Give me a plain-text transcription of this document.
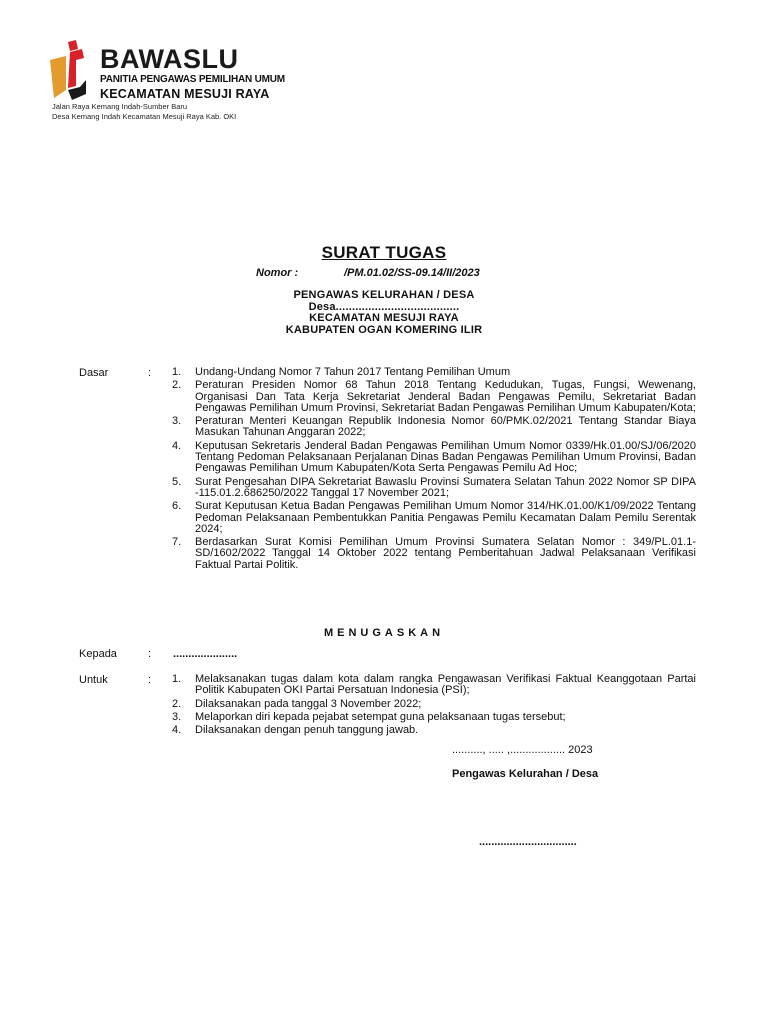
BAWASLU
PANITIA PENGAWAS PEMILIHAN UMUM
KECAMATAN MESUJI RAYA
Jalan Raya Kemang Indah-Sumber Baru
Desa Kemang Indah Kecamatan Mesuji Raya Kab. OKI
SURAT TUGAS
Nomor :	/PM.01.02/SS-09.14/II/2023
PENGAWAS KELURAHAN / DESA
Desa......................................
KECAMATAN MESUJI RAYA
KABUPATEN OGAN KOMERING ILIR
Dasar	: 1. Undang-Undang Nomor 7 Tahun 2017 Tentang Pemilihan Umum
2. Peraturan Presiden Nomor 68 Tahun 2018 Tentang Kedudukan, Tugas, Fungsi, Wewenang, Organisasi Dan Tata Kerja Sekretariat Jenderal Badan Pengawas Pemilu, Sekretariat Badan Pengawas Pemilihan Umum Provinsi, Sekretariat Badan Pengawas Pemilihan Umum Kabupaten/Kota;
3. Peraturan Menteri Keuangan Republik Indonesia Nomor 60/PMK.02/2021 Tentang Standar Biaya Masukan Tahunan Anggaran 2022;
4. Keputusan Sekretaris Jenderal Badan Pengawas Pemilihan Umum Nomor 0339/Hk.01.00/SJ/06/2020 Tentang Pedoman Pelaksanaan Perjalanan Dinas Badan Pengawas Pemilihan Umum Provinsi, Badan Pengawas Pemilihan Umum Kabupaten/Kota Serta Pengawas Pemilu Ad Hoc;
5. Surat Pengesahan DIPA Sekretariat Bawaslu Provinsi Sumatera Selatan Tahun 2022 Nomor SP DIPA -115.01.2.686250/2022 Tanggal 17 November 2021;
6. Surat Keputusan Ketua Badan Pengawas Pemilihan Umum Nomor 314/HK.01.00/K1/09/2022 Tentang Pedoman Pelaksanaan Pembentukkan Panitia Pengawas Pemilu Kecamatan Dalam Pemilu Serentak 2024;
7. Berdasarkan Surat Komisi Pemilihan Umum Provinsi Sumatera Selatan Nomor : 349/PL.01.1-SD/1602/2022 Tanggal 14 Oktober 2022 tentang Pemberitahuan Jadwal Pelaksanaan Verifikasi Faktual Partai Politik.
MENUGASKAN
Kepada	: .....................
Untuk	: 1. Melaksanakan tugas dalam kota dalam rangka Pengawasan Verifikasi Faktual Keanggotaan Partai Politik Kabupaten OKI Partai Persatuan Indonesia (PSI);
2. Dilaksanakan pada tanggal 3 November 2022;
3. Melaporkan diri kepada pejabat setempat guna pelaksanaan tugas tersebut;
4. Dilaksanakan dengan penuh tanggung jawab.
.........., ..... ,.................. 2023
Pengawas Kelurahan / Desa
................................
